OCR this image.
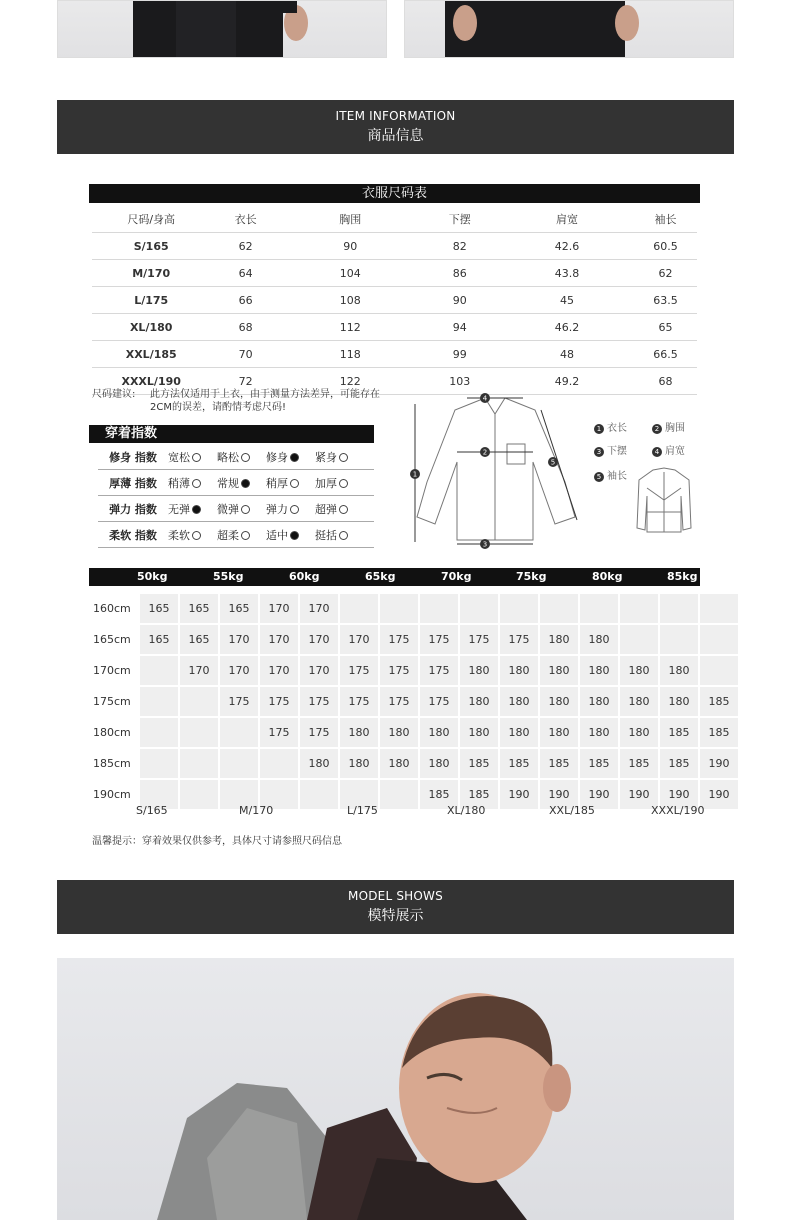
ITEM INFORMATION
商品信息
衣服尺码表
尺码/身高	衣长	胸围	下摆	肩宽	袖长
S/165	62	90	82	42.6	60.5
M/170	64	104	86	43.8	62
L/175	66	108	90	45	63.5
XL/180	68	112	94	46.2	65
XXL/185	70	118	99	48	66.5
XXXL/190	72	122	103	49.2	68
尺码建议: 此方法仅适用于上衣，由于测量方法差异，可能存在
2CM的误差，请酌情考虑尺码!
穿着指数
修身 指数	宽松	略松	修身	紧身
厚薄 指数	稍薄	常规	稍厚	加厚
弹力 指数	无弹	微弹	弹力	超弹
柔软 指数	柔软	超柔	适中	挺括
4
1
2
3
5
1 衣长	2 胸围
3 下摆	4 肩宽
5 袖长
50kg	55kg	60kg	65kg	70kg	75kg	80kg	85kg
160cm	165	165	165	170	170										
165cm	165	165	170	170	170	170	175	175	175	175	180	180			
170cm		170	170	170	170	175	175	175	180	180	180	180	180	180	
175cm			175	175	175	175	175	175	180	180	180	180	180	180	185
180cm				175	175	180	180	180	180	180	180	180	180	185	185
185cm					180	180	180	180	185	185	185	185	185	185	190
190cm								185	185	190	190	190	190	190	190
S/165	M/170	L/175	XL/180	XXL/185	XXXL/190
温馨提示：穿着效果仅供参考，具体尺寸请参照尺码信息
MODEL SHOWS
模特展示
